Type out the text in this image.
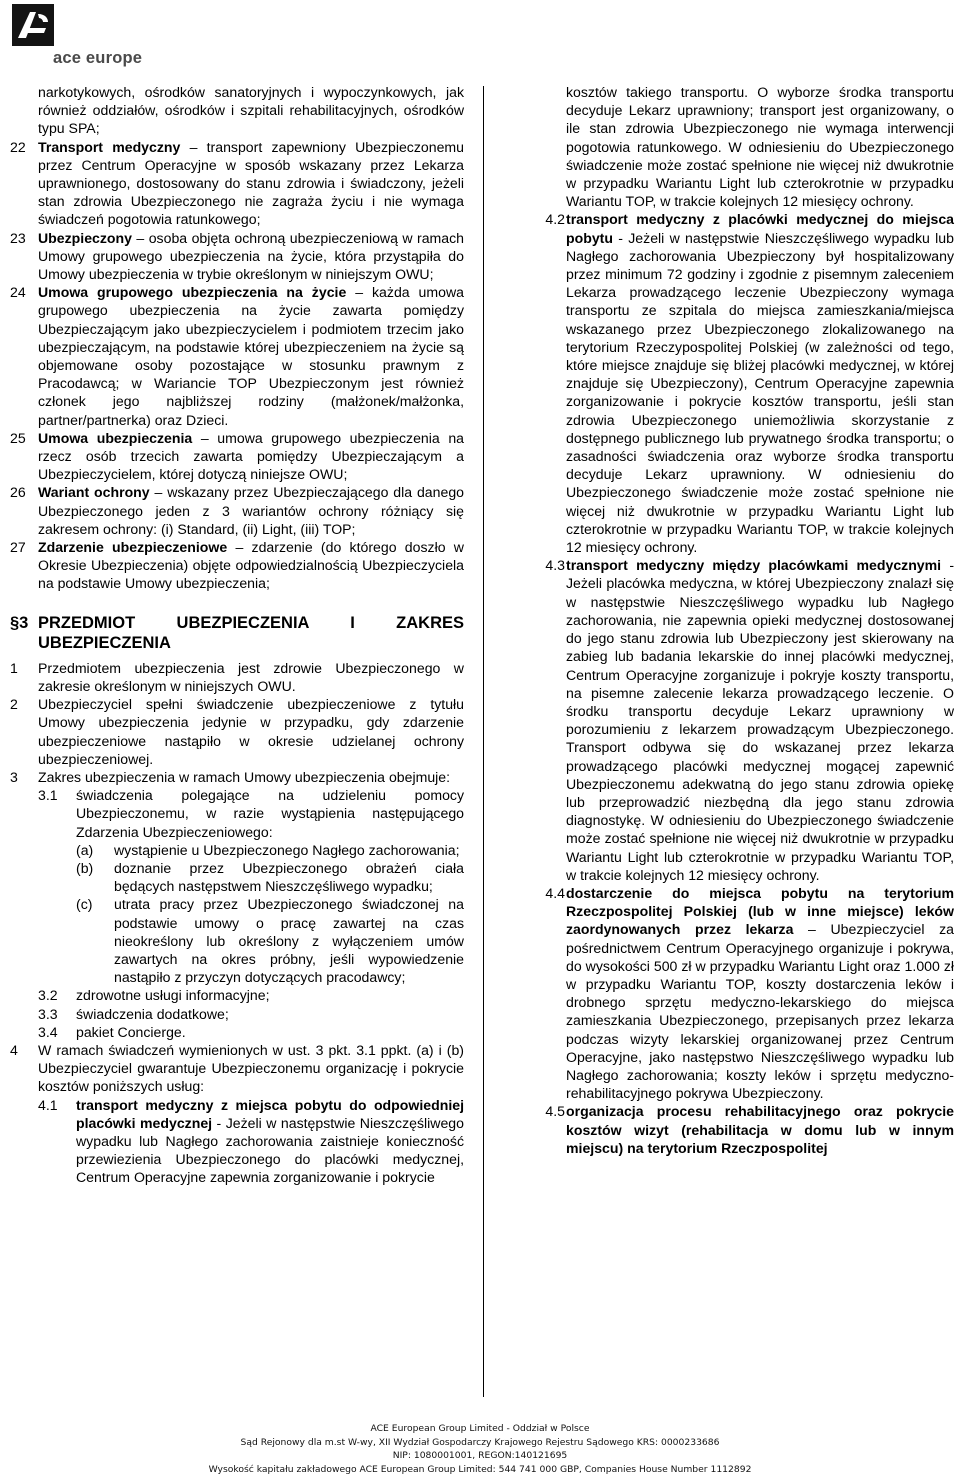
ace europe

narkotykowych, ośrodków sanatoryjnych i wypoczynkowych, jak również oddziałów, ośrodków i szpitali rehabilitacyjnych, ośrodków typu SPA;

22 Transport medyczny – transport zapewniony Ubezpieczonemu przez Centrum Operacyjne w sposób wskazany przez Lekarza uprawnionego, dostosowany do stanu zdrowia i świadczony, jeżeli stan zdrowia Ubezpieczonego nie zagraża życiu i nie wymaga świadczeń pogotowia ratunkowego;
23 Ubezpieczony – osoba objęta ochroną ubezpieczeniową w ramach Umowy grupowego ubezpieczenia na życie, która przystąpiła do Umowy ubezpieczenia w trybie określonym w niniejszym OWU;
24 Umowa grupowego ubezpieczenia na życie – każda umowa grupowego ubezpieczenia na życie zawarta pomiędzy Ubezpieczającym jako ubezpieczycielem i podmiotem trzecim jako ubezpieczającym, na podstawie której ubezpieczeniem na życie są objemowane osoby pozostające w stosunku prawnym z Pracodawcą; w Wariancie TOP Ubezpieczonym jest również członek jego najbliższej rodziny (małżonek/małżonka, partner/partnerka) oraz Dzieci.
25 Umowa ubezpieczenia – umowa grupowego ubezpieczenia na rzecz osób trzecich zawarta pomiędzy Ubezpieczającym a Ubezpieczycielem, której dotyczą niniejsze OWU;
26 Wariant ochrony – wskazany przez Ubezpieczającego dla danego Ubezpieczonego jeden z 3 wariantów ochrony różniący się zakresem ochrony: (i) Standard, (ii) Light, (iii) TOP;
27 Zdarzenie ubezpieczeniowe – zdarzenie (do którego doszło w Okresie Ubezpieczenia) objęte odpowiedzialnością Ubezpieczyciela na podstawie Umowy ubezpieczenia;
§3 PRZEDMIOT UBEZPIECZENIA I ZAKRES UBEZPIECZENIA
1	Przedmiotem ubezpieczenia jest zdrowie Ubezpieczonego w zakresie określonym w niniejszych OWU.
2	Ubezpieczyciel spełni świadczenie ubezpieczeniowe z tytułu Umowy ubezpieczenia jedynie w przypadku, gdy zdarzenie ubezpieczeniowe nastąpiło w okresie udzielanej ochrony ubezpieczeniowej.
3	Zakres ubezpieczenia w ramach Umowy ubezpieczenia obejmuje:
3.1	świadczenia polegające na udzieleniu pomocy Ubezpieczonemu, w razie wystąpienia następującego Zdarzenia Ubezpieczeniowego:
(a)	wystąpienie u Ubezpieczonego Nagłego zachorowania;
(b)	doznanie przez Ubezpieczonego obrażeń ciała będących następstwem Nieszczęśliwego wypadku;
(c)	utrata pracy przez Ubezpieczonego świadczonej na podstawie umowy o pracę zawartej na czas nieokreślony lub określony z wyłączeniem umów zawartych na okres próbny, jeśli wypowiedzenie nastąpiło z przyczyn dotyczących pracodawcy;
3.2	zdrowotne usługi informacyjne;
3.3	świadczenia dodatkowe;
3.4	pakiet Concierge.
4	W ramach świadczeń wymienionych w ust. 3 pkt. 3.1 ppkt. (a) i (b) Ubezpieczyciel gwarantuje Ubezpieczonemu organizację i pokrycie kosztów poniższych usług:
4.1	transport medyczny z miejsca pobytu do odpowiedniej placówki medycznej - Jeżeli w następstwie Nieszczęśliwego wypadku lub Nagłego zachorowania zaistnieje konieczność przewiezienia Ubezpieczonego do placówki medycznej, Centrum Operacyjne zapewnia zorganizowanie i pokrycie

kosztów takiego transportu. O wyborze środka transportu decyduje Lekarz uprawniony; transport jest organizowany, o ile stan zdrowia Ubezpieczonego nie wymaga interwencji pogotowia ratunkowego. W odniesieniu do Ubezpieczonego świadczenie może zostać spełnione nie więcej niż dwukrotnie w przypadku Wariantu Light lub czterokrotnie w przypadku Wariantu TOP, w trakcie kolejnych 12 miesięcy ochrony.

4.2 transport medyczny z placówki medycznej do miejsca pobytu - Jeżeli w następstwie Nieszczęśliwego wypadku lub Nagłego zachorowania Ubezpieczony był hospitalizowany przez minimum 72 godziny i zgodnie z pisemnym zaleceniem Lekarza prowadzącego leczenie Ubezpieczony wymaga transportu ze szpitala do miejsca zamieszkania/miejsca wskazanego przez Ubezpieczonego zlokalizowanego na terytorium Rzeczypospolitej Polskiej (w zależności od tego, które miejsce znajduje się bliżej placówki medycznej, w której znajduje się Ubezpieczony), Centrum Operacyjne zapewnia zorganizowanie i pokrycie kosztów transportu, jeśli stan zdrowia Ubezpieczonego uniemożliwia skorzystanie z dostępnego publicznego lub prywatnego środka transportu; o zasadności świadczenia oraz wyborze środka transportu decyduje Lekarz uprawniony. W odniesieniu do Ubezpieczonego świadczenie może zostać spełnione nie więcej niż dwukrotnie w przypadku Wariantu Light lub czterokrotnie w przypadku Wariantu TOP, w trakcie kolejnych 12 miesięcy ochrony.
4.3 transport medyczny między placówkami medycznymi - Jeżeli placówka medyczna, w której Ubezpieczony znalazł się w następstwie Nieszczęśliwego wypadku lub Nagłego zachorowania, nie zapewnia opieki medycznej dostosowanej do jego stanu zdrowia lub Ubezpieczony jest skierowany na zabieg lub badania lekarskie do innej placówki medycznej, Centrum Operacyjne zorganizuje i pokryje koszty transportu, na pisemne zalecenie lekarza prowadzącego leczenie. O środku transportu decyduje Lekarz uprawniony w porozumieniu z lekarzem prowadzącym Ubezpieczonego. Transport odbywa się do wskazanej przez lekarza prowadzącego placówki medycznej mogącej zapewnić Ubezpieczonemu adekwatną do jego stanu zdrowia opiekę lub przeprowadzić niezbędną dla jego stanu zdrowia diagnostykę. W odniesieniu do Ubezpieczonego świadczenie może zostać spełnione nie więcej niż dwukrotnie w przypadku Wariantu Light lub czterokrotnie w przypadku Wariantu TOP, w trakcie kolejnych 12 miesięcy ochrony.
4.4 dostarczenie do miejsca pobytu na terytorium Rzeczpospolitej Polskiej (lub w inne miejsce) leków zaordynowanych przez lekarza – Ubezpieczyciel za pośrednictwem Centrum Operacyjnego organizuje i pokrywa, do wysokości 500 zł w przypadku Wariantu Light oraz 1.000 zł w przypadku Wariantu TOP, koszty dostarczenia leków i drobnego sprzętu medyczno-lekarskiego do miejsca zamieszkania Ubezpieczonego, przepisanych przez lekarza podczas wizyty lekarskiej organizowanej przez Centrum Operacyjne, jako następstwo Nieszczęśliwego wypadku lub Nagłego zachorowania; koszty leków i sprzętu medyczno-rehabilitacyjnego pokrywa Ubezpieczony.
4.5 organizacja procesu rehabilitacyjnego oraz pokrycie kosztów wizyt (rehabilitacja w domu lub w innym miejscu) na terytorium Rzeczpospolitej
ACE European Group Limited - Oddział w Polsce
Sąd Rejonowy dla m.st W-wy, XII Wydział Gospodarczy Krajowego Rejestru Sądowego KRS: 0000233686
NIP: 1080001001, REGON:140121695
Wysokość kapitału zakładowego ACE European Group Limited: 544 741 000 GBP, Companies House Number 1112892
